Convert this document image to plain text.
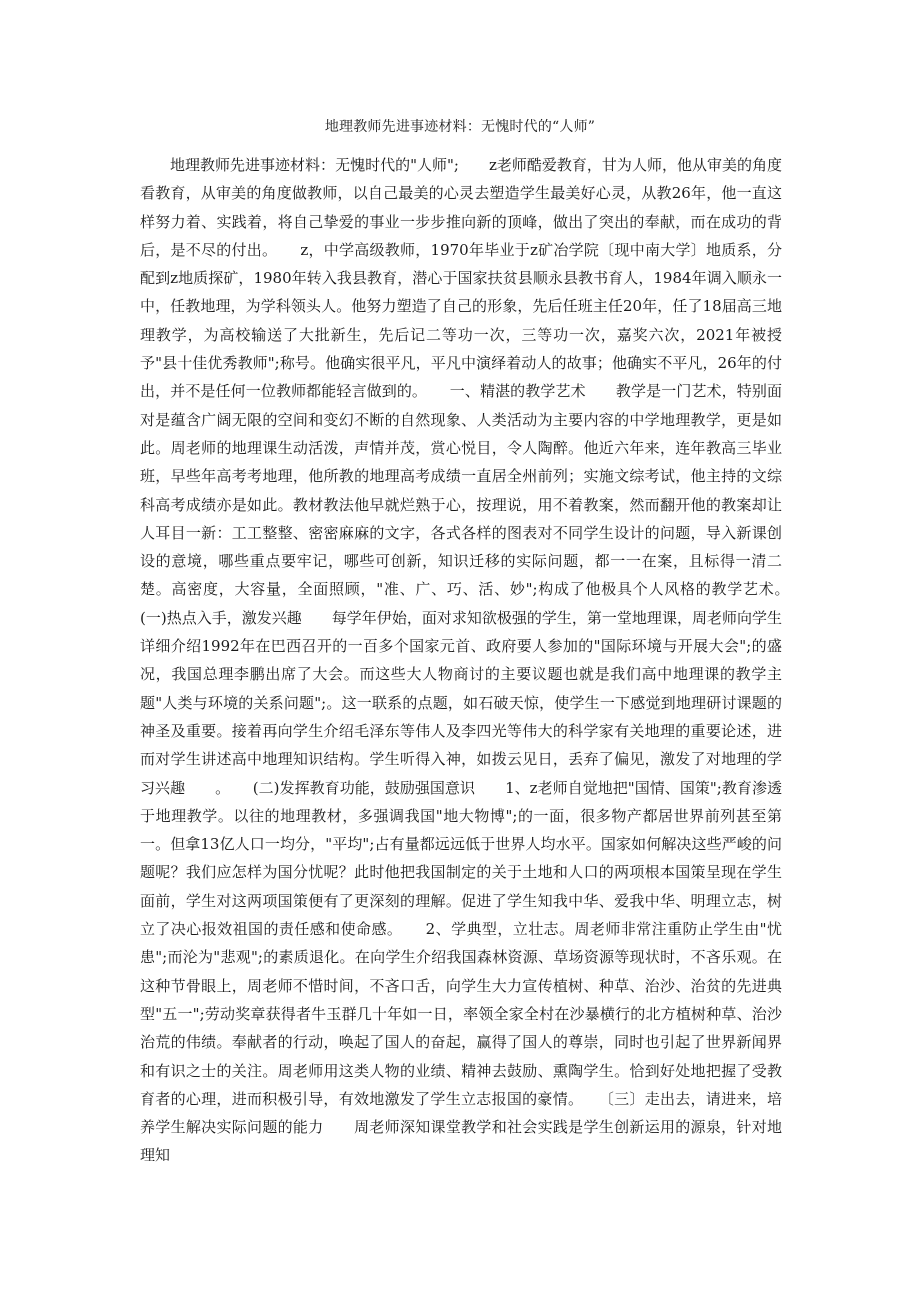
地理教师先进事迹材料：无愧时代的“人师”

地理教师先进事迹材料：无愧时代的"人师";　　z老师酷爱教育，甘为人师，他从审美的角度看教育，从审美的角度做教师，以自己最美的心灵去塑造学生最美好心灵，从教26年，他一直这样努力着、实践着，将自己挚爱的事业一步步推向新的顶峰，做出了突出的奉献，而在成功的背后，是不尽的付出。　　z，中学高级教师，1970年毕业于z矿冶学院〔现中南大学〕地质系，分配到z地质探矿，1980年转入我县教育，潜心于国家扶贫县顺永县教书育人，1984年调入顺永一中，任教地理，为学科领头人。他努力塑造了自己的形象，先后任班主任20年，任了18届高三地理教学，为高校输送了大批新生，先后记二等功一次，三等功一次，嘉奖六次，2021年被授予"县十佳优秀教师";称号。他确实很平凡，平凡中演绎着动人的故事；他确实不平凡，26年的付出，并不是任何一位教师都能轻言做到的。　　一、精湛的教学艺术　　教学是一门艺术，特别面对是蕴含广阔无限的空间和变幻不断的自然现象、人类活动为主要内容的中学地理教学，更是如此。周老师的地理课生动活泼，声情并茂，赏心悦目，令人陶醉。他近六年来，连年教高三毕业班，早些年高考考地理，他所教的地理高考成绩一直居全州前列；实施文综考试，他主持的文综科高考成绩亦是如此。教材教法他早就烂熟于心，按理说，用不着教案，然而翻开他的教案却让人耳目一新：工工整整、密密麻麻的文字，各式各样的图表对不同学生设计的问题，导入新课创设的意境，哪些重点要牢记，哪些可创新，知识迁移的实际问题，都一一在案，且标得一清二楚。高密度，大容量，全面照顾，"准、广、巧、活、妙";构成了他极具个人风格的教学艺术。　　(一)热点入手，激发兴趣　　每学年伊始，面对求知欲极强的学生，第一堂地理课，周老师向学生详细介绍1992年在巴西召开的一百多个国家元首、政府要人参加的"国际环境与开展大会";的盛况，我国总理李鹏出席了大会。而这些大人物商讨的主要议题也就是我们高中地理课的教学主题"人类与环境的关系问题";。这一联系的点题，如石破天惊，使学生一下感觉到地理研讨课题的神圣及重要。接着再向学生介绍毛泽东等伟人及李四光等伟大的科学家有关地理的重要论述，进而对学生讲述高中地理知识结构。学生听得入神，如拨云见日，丢弃了偏见，激发了对地理的学习兴趣　　。　　(二)发挥教育功能，鼓励强国意识　　1、z老师自觉地把"国情、国策";教育渗透于地理教学。以往的地理教材，多强调我国"地大物博";的一面，很多物产都居世界前列甚至第一。但拿13亿人口一均分，"平均";占有量都远远低于世界人均水平。国家如何解决这些严峻的问题呢？我们应怎样为国分忧呢？此时他把我国制定的关于土地和人口的两项根本国策呈现在学生面前，学生对这两项国策便有了更深刻的理解。促进了学生知我中华、爱我中华、明理立志，树立了决心报效祖国的责任感和使命感。　　2、学典型，立壮志。周老师非常注重防止学生由"忧患";而沦为"悲观";的素质退化。在向学生介绍我国森林资源、草场资源等现状时，不吝乐观。在这种节骨眼上，周老师不惜时间，不吝口舌，向学生大力宣传植树、种草、治沙、治贫的先进典型"五一";劳动奖章获得者牛玉群几十年如一日，率领全家全村在沙暴横行的北方植树种草、治沙治荒的伟绩。奉献者的行动，唤起了国人的奋起，赢得了国人的尊崇，同时也引起了世界新闻界和有识之士的关注。周老师用这类人物的业绩、精神去鼓励、熏陶学生。恰到好处地把握了受教育者的心理，进而积极引导，有效地激发了学生立志报国的豪情。　　〔三〕走出去，请进来，培养学生解决实际问题的能力　　周老师深知课堂教学和社会实践是学生创新运用的源泉，针对地理知
